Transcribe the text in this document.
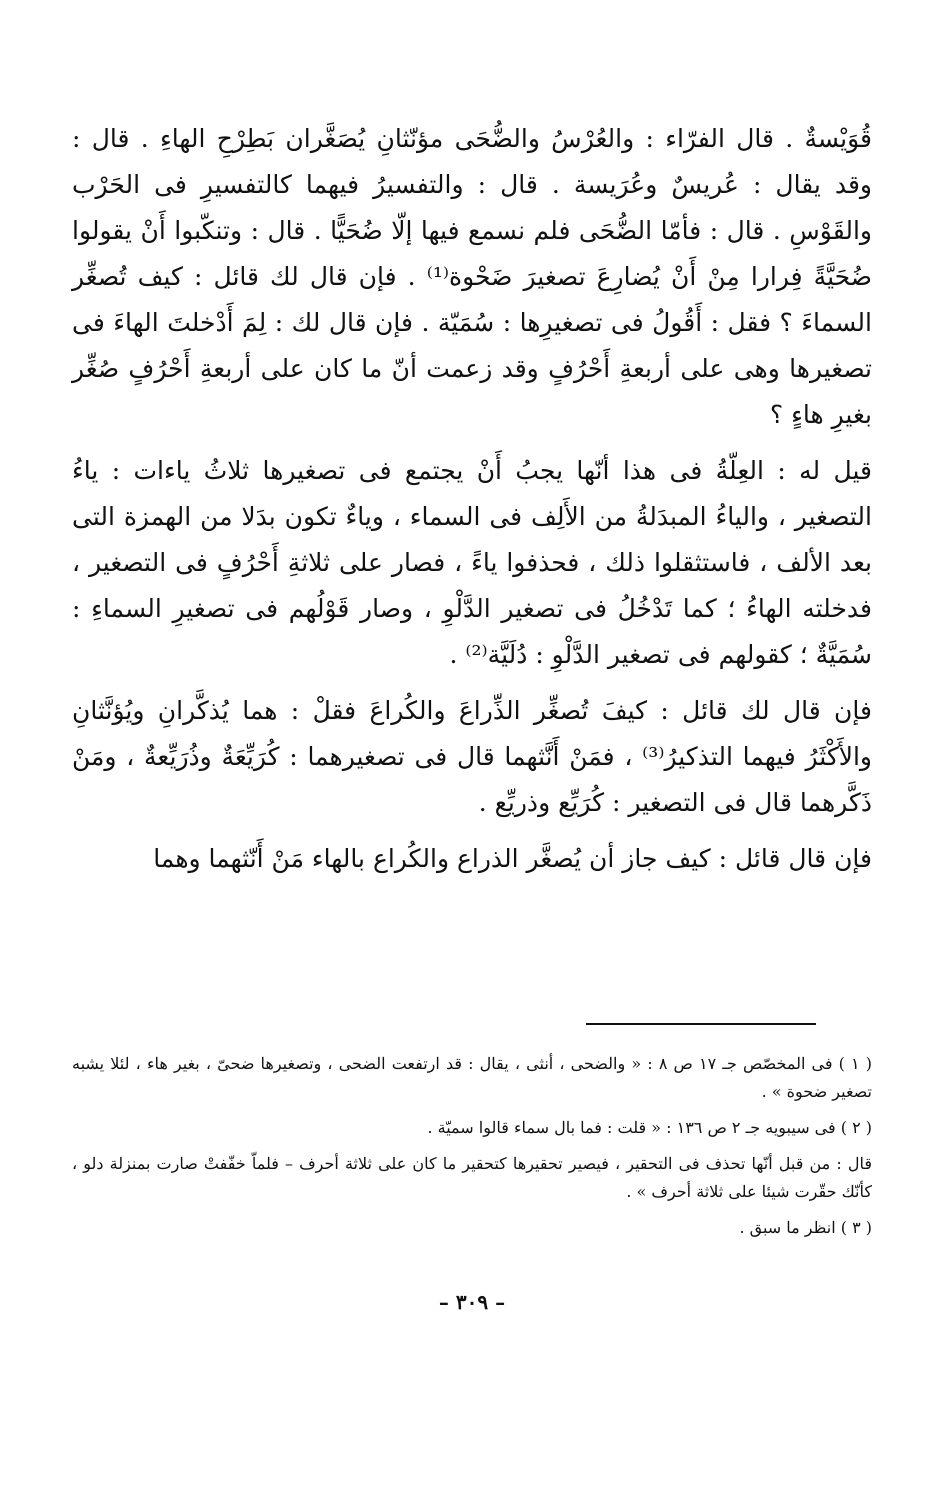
قُوَيْسةٌ . قال الفرّاء : والعُرْسُ والضُّحَى مؤنّثانِ يُصَغَّران بَطِرْحِ الهاءِ . قال : وقد يقال : عُريسٌ وعُرَيسة . قال : والتفسيرُ فيهما كالتفسيرِ فى الحَرْب والقَوْسِ . قال : فأمّا الضُّحَى فلم نسمع فيها إلّا ضُحَيًّا . قال : وتنكّبوا أَنْ يقولوا ضُحَيَّةً فِرارا مِنْ أَنْ يُضارِعَ تصغيرَ ضَحْوة⁽¹⁾ . فإن قال لك قائل : كيف تُصغِّر السماءَ ؟ فقل : أَقُولُ فى تصغيرِها : سُمَيّة . فإن قال لك : لِمَ أَدْخلتَ الهاءَ فى تصغيرها وهى على أربعةِ أَحْرُفٍ وقد زعمت أنّ ما كان على أربعةِ أَحْرُفٍ صُغِّر بغيرِ هاءٍ ؟

قيل له : العِلّةُ فى هذا أنّها يجبُ أَنْ يجتمع فى تصغيرها ثلاثُ ياءات : ياءُ التصغير ، والياءُ المبدَلةُ من الأَلِف فى السماء ، وياءٌ تكون بدَلا من الهمزة التى بعد الألف ، فاستثقلوا ذلك ، فحذفوا ياءً ، فصار على ثلاثةِ أَحْرُفٍ فى التصغير ، فدخلته الهاءُ ؛ كما تَدْخُلُ فى تصغير الدَّلْوِ ، وصار قَوْلُهم فى تصغيرِ السماءِ : سُمَيَّةٌ ؛ كقولهم فى تصغير الدَّلْوِ : دُلَيَّة⁽²⁾ .

فإن قال لك قائل : كيفَ تُصغِّر الذِّراعَ والكُراعَ فقلْ : هما يُذكَّرانِ ويُؤنَّثانِ والأَكْثَرُ فيهما التذكيرُ⁽³⁾ ، فمَنْ أَنَّثهما قال فى تصغيرهما : كُرَيِّعَةٌ وذُرَيِّعةٌ ، ومَنْ ذَكَّرهما قال فى التصغير : كُرَيِّع وذريِّع .

فإن قال قائل : كيف جاز أن يُصغَّر الذراع والكُراع بالهاء مَنْ أَنّثهما وهما

( ١ ) فى المخصّص جـ ١٧ ص ٨ : « والضحى ، أنثى ، يقال : قد ارتفعت الضحى ، وتصغيرها ضحىّ ، بغير هاء ، لئلا يشبه تصغير ضحوة » .

( ٢ ) فى سيبويه جـ ٢ ص ١٣٦ : « قلت : فما بال سماء قالوا سميّة .

قال : من قبل أنّها تحذف فى التحقير ، فيصير تحقيرها كتحقير ما كان على ثلاثة أحرف – فلماّ خفّفتْ صارت بمنزلة دلو ، كأنّك حقّرت شيئا على ثلاثة أحرف » .

( ٣ ) انظر ما سبق .

– ٣٠٩ –
